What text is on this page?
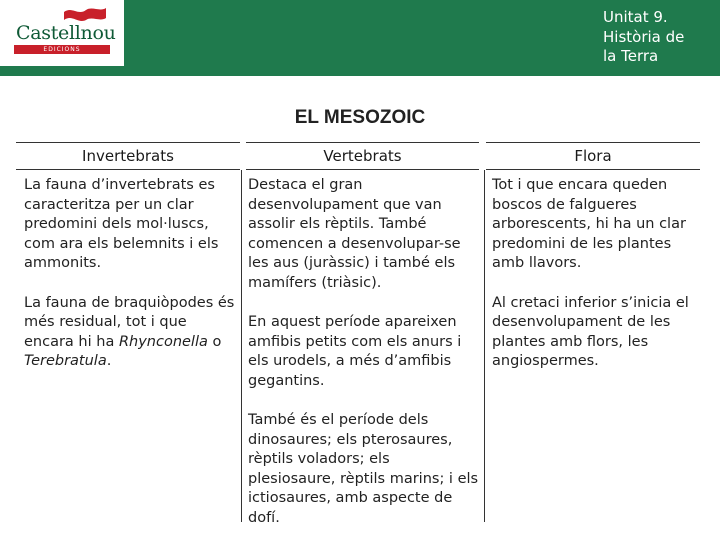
Castellnou
EDICIONS
Unitat 9.
Història de
la Terra
EL MESOZOIC
Invertebrats	Vertebrats	Flora

La fauna d’invertebrats es caracteritza per un clar predomini dels mol·luscs, com ara els belemnits i els ammonits.

La fauna de braquiòpodes és més residual, tot i que encara hi ha Rhynconella o Terebratula.

Destaca el gran desenvolupament que van assolir els rèptils. També comencen a desenvolupar-se les aus (juràssic) i també els mamífers (triàsic).

En aquest període apareixen amfibis petits com els anurs i els urodels, a més d’amfibis gegantins.

També és el període dels dinosaures; els pterosaures, rèptils voladors; els plesiosaure, rèptils marins; i els ictiosaures, amb aspecte de dofí.

Tot i que encara queden boscos de falgueres arborescents, hi ha un clar predomini de les plantes amb llavors.

Al cretaci inferior s’inicia el desenvolupament de les plantes amb flors, les angiospermes.
